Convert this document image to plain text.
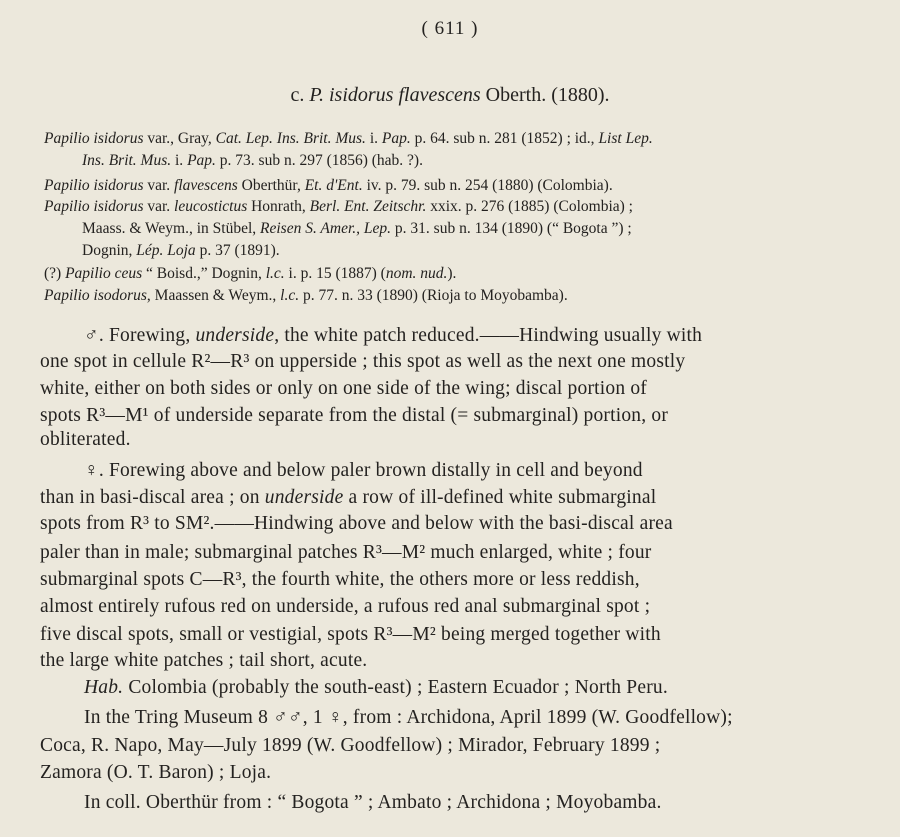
( 611 )
c. P. isidorus flavescens Oberth. (1880).
Papilio isidorus var., Gray, Cat. Lep. Ins. Brit. Mus. i. Pap. p. 64. sub n. 281 (1852) ; id., List Lep.
Ins. Brit. Mus. i. Pap. p. 73. sub n. 297 (1856) (hab. ?).
Papilio isidorus var. flavescens Oberthür, Et. d'Ent. iv. p. 79. sub n. 254 (1880) (Colombia).
Papilio isidorus var. leucostictus Honrath, Berl. Ent. Zeitschr. xxix. p. 276 (1885) (Colombia) ;
Maass. & Weym., in Stübel, Reisen S. Amer., Lep. p. 31. sub n. 134 (1890) (“ Bogota ”) ;
Dognin, Lép. Loja p. 37 (1891).
(?) Papilio ceus “ Boisd.,” Dognin, l.c. i. p. 15 (1887) (nom. nud.).
Papilio isodorus, Maassen & Weym., l.c. p. 77. n. 33 (1890) (Rioja to Moyobamba).
♂. Forewing, underside, the white patch reduced.——Hindwing usually with
one spot in cellule R²—R³ on upperside ; this spot as well as the next one mostly
white, either on both sides or only on one side of the wing; discal portion of
spots R³—M¹ of underside separate from the distal (= submarginal) portion, or
obliterated.
♀. Forewing above and below paler brown distally in cell and beyond
than in basi-discal area ; on underside a row of ill-defined white submarginal
spots from R³ to SM².——Hindwing above and below with the basi-discal area
paler than in male; submarginal patches R³—M² much enlarged, white ; four
submarginal spots C—R³, the fourth white, the others more or less reddish,
almost entirely rufous red on underside, a rufous red anal submarginal spot ;
five discal spots, small or vestigial, spots R³—M² being merged together with
the large white patches ; tail short, acute.
Hab. Colombia (probably the south-east) ; Eastern Ecuador ; North Peru.
In the Tring Museum 8 ♂♂, 1 ♀, from : Archidona, April 1899 (W. Goodfellow);
Coca, R. Napo, May—July 1899 (W. Goodfellow) ; Mirador, February 1899 ;
Zamora (O. T. Baron) ; Loja.
In coll. Oberthür from : “ Bogota ” ; Ambato ; Archidona ; Moyobamba.
